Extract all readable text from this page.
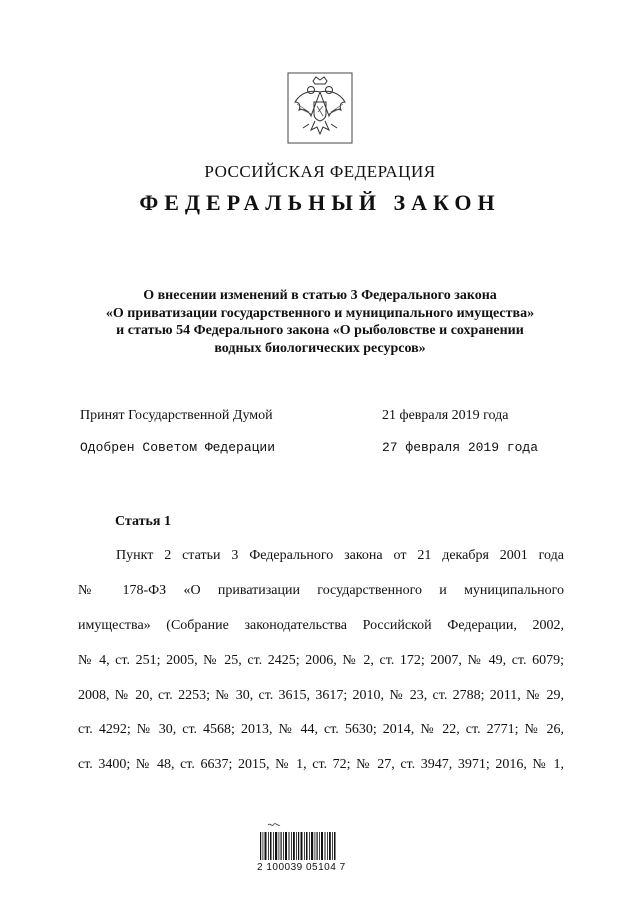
РОССИЙСКАЯ ФЕДЕРАЦИЯ
ФЕДЕРАЛЬНЫЙ ЗАКОН
О внесении изменений в статью 3 Федерального закона
«О приватизации государственного и муниципального имущества»
и статью 54 Федерального закона «О рыболовстве и сохранении
водных биологических ресурсов»
Принят Государственной Думой	21 февраля 2019 года
Одобрен Советом Федерации	27 февраля 2019 года
Статья 1
Пункт 2 статьи 3 Федерального закона от 21 декабря 2001 года
№ 178-ФЗ «О приватизации государственного и муниципального
имущества» (Собрание законодательства Российской Федерации, 2002,
№ 4, ст. 251; 2005, № 25, ст. 2425; 2006, № 2, ст. 172; 2007, № 49, ст. 6079;
2008, № 20, ст. 2253; № 30, ст. 3615, 3617; 2010, № 23, ст. 2788; 2011, № 29,
ст. 4292; № 30, ст. 4568; 2013, № 44, ст. 5630; 2014, № 22, ст. 2771; № 26,
ст. 3400; № 48, ст. 6637; 2015, № 1, ст. 72; № 27, ст. 3947, 3971; 2016, № 1,
2 100039 05104 7
